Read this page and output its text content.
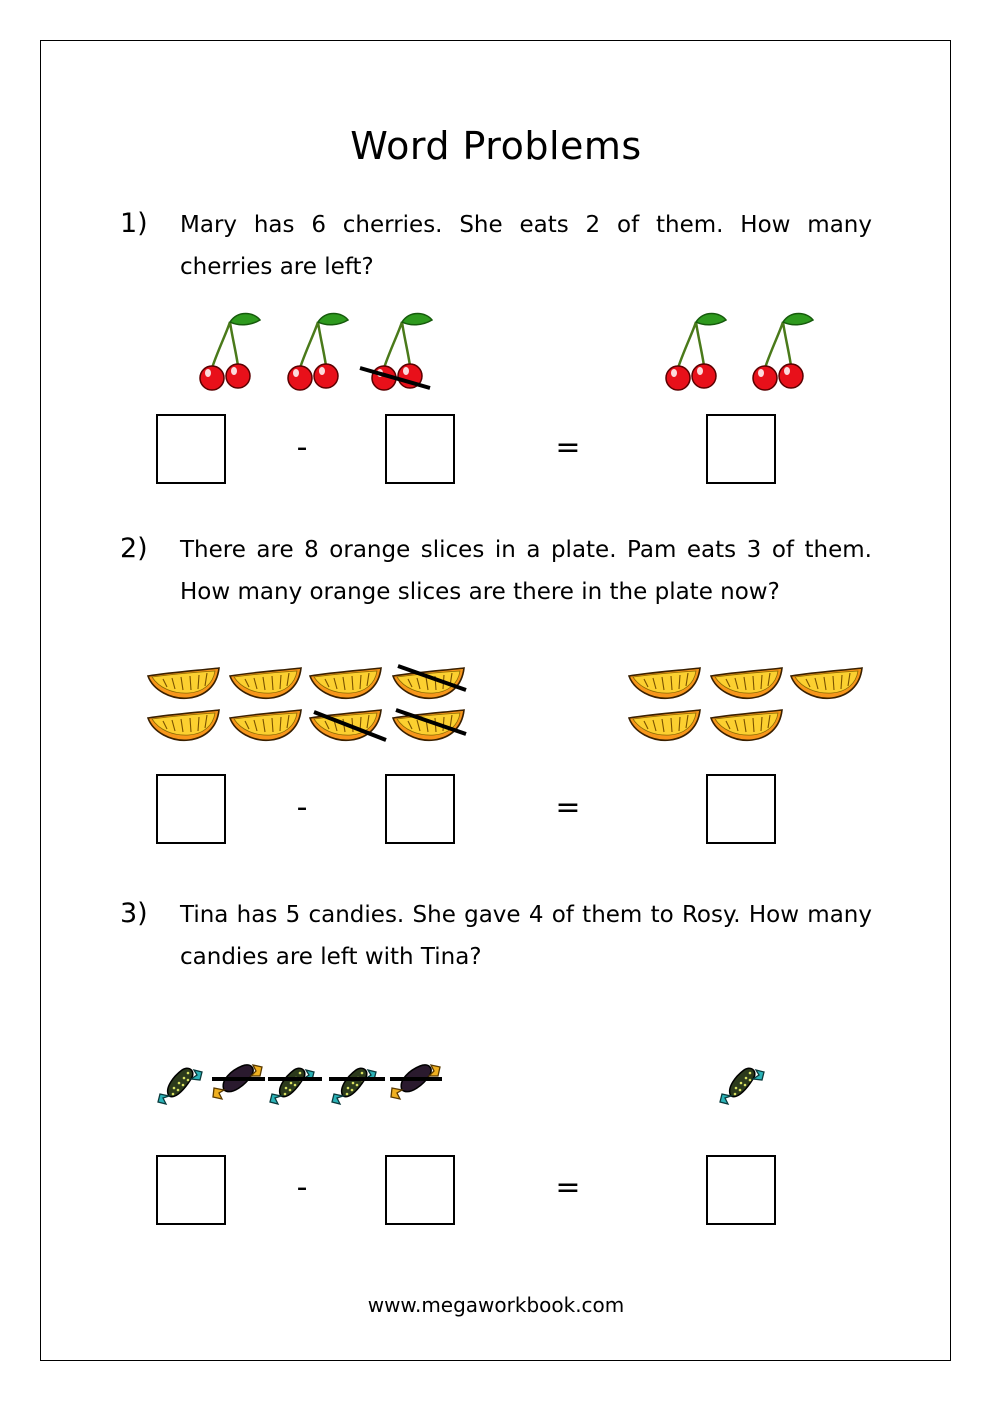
Word Problems
1) Mary has 6 cherries. She eats 2 of them. How many cherries are left?
-	=
2) There are 8 orange slices in a plate. Pam eats 3 of them. How many orange slices are there in the plate now?
-	=
3) Tina has 5 candies. She gave 4 of them to Rosy. How many candies are left with Tina?
-	=
www.megaworkbook.com
